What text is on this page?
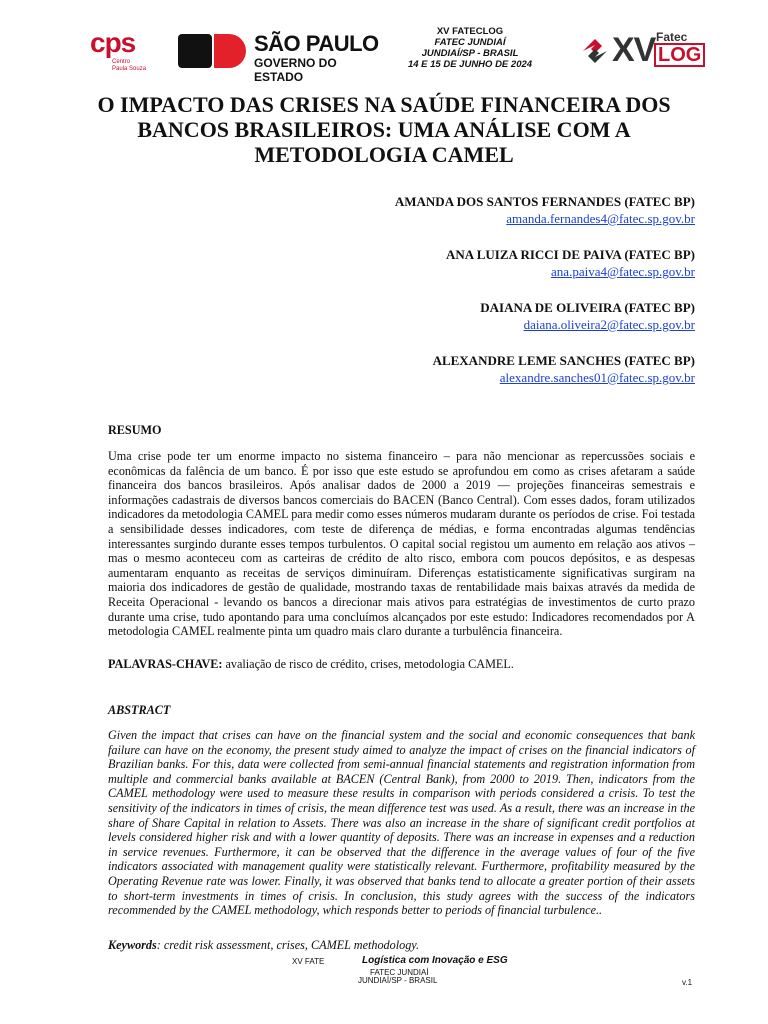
cps
Centro
Paula Souza
SÃO PAULO
GOVERNO DO ESTADO
XV FATECLOG
FATEC JUNDIAÍ
JUNDIAÍ/SP - BRASIL
14 E 15 DE JUNHO DE 2024 XV Fatec
LOG
O IMPACTO DAS CRISES NA SAÚDE FINANCEIRA DOS BANCOS BRASILEIROS: UMA ANÁLISE COM A METODOLOGIA CAMEL
AMANDA DOS SANTOS FERNANDES (FATEC BP)
amanda.fernandes4@fatec.sp.gov.br
ANA LUIZA RICCI DE PAIVA (FATEC BP)
ana.paiva4@fatec.sp.gov.br
DAIANA DE OLIVEIRA (FATEC BP)
daiana.oliveira2@fatec.sp.gov.br
ALEXANDRE LEME SANCHES (FATEC BP)
alexandre.sanches01@fatec.sp.gov.br
RESUMO
Uma crise pode ter um enorme impacto no sistema financeiro – para não mencionar as repercussões sociais e econômicas da falência de um banco. É por isso que este estudo se aprofundou em como as crises afetaram a saúde financeira dos bancos brasileiros. Após analisar dados de 2000 a 2019 — projeções financeiras semestrais e informações cadastrais de diversos bancos comerciais do BACEN (Banco Central). Com esses dados, foram utilizados indicadores da metodologia CAMEL para medir como esses números mudaram durante os períodos de crise. Foi testada a sensibilidade desses indicadores, com teste de diferença de médias, e forma encontradas algumas tendências interessantes surgindo durante esses tempos turbulentos. O capital social registou um aumento em relação aos ativos – mas o mesmo aconteceu com as carteiras de crédito de alto risco, embora com poucos depósitos, e as despesas aumentaram enquanto as receitas de serviços diminuíram. Diferenças estatisticamente significativas surgiram na maioria dos indicadores de gestão de qualidade, mostrando taxas de rentabilidade mais baixas através da medida de Receita Operacional - levando os bancos a direcionar mais ativos para estratégias de investimentos de curto prazo durante uma crise, tudo apontando para uma concluímos alcançados por este estudo: Indicadores recomendados por A metodologia CAMEL realmente pinta um quadro mais claro durante a turbulência financeira.
PALAVRAS-CHAVE: avaliação de risco de crédito, crises, metodologia CAMEL.
ABSTRACT
Given the impact that crises can have on the financial system and the social and economic consequences that bank failure can have on the economy, the present study aimed to analyze the impact of crises on the financial indicators of Brazilian banks. For this, data were collected from semi-annual financial statements and registration information from multiple and commercial banks available at BACEN (Central Bank), from 2000 to 2019. Then, indicators from the CAMEL methodology were used to measure these results in comparison with periods considered a crisis. To test the sensitivity of the indicators in times of crisis, the mean difference test was used. As a result, there was an increase in the share of Share Capital in relation to Assets. There was also an increase in the share of significant credit portfolios at levels considered higher risk and with a lower quantity of deposits. There was an increase in expenses and a reduction in service revenues. Furthermore, it can be observed that the difference in the average values of four of the five indicators associated with management quality were statistically relevant. Furthermore, profitability measured by the Operating Revenue rate was lower. Finally, it was observed that banks tend to allocate a greater portion of their assets to short-term investments in times of crisis. In conclusion, this study agrees with the success of the indicators recommended by the CAMEL methodology, which responds better to periods of financial turbulence..
Keywords: credit risk assessment, crises, CAMEL methodology.
XV FATE	Logística com Inovação e ESG
FATEC JUNDIAÍ
JUNDIAÍ/SP - BRASIL	v.1
